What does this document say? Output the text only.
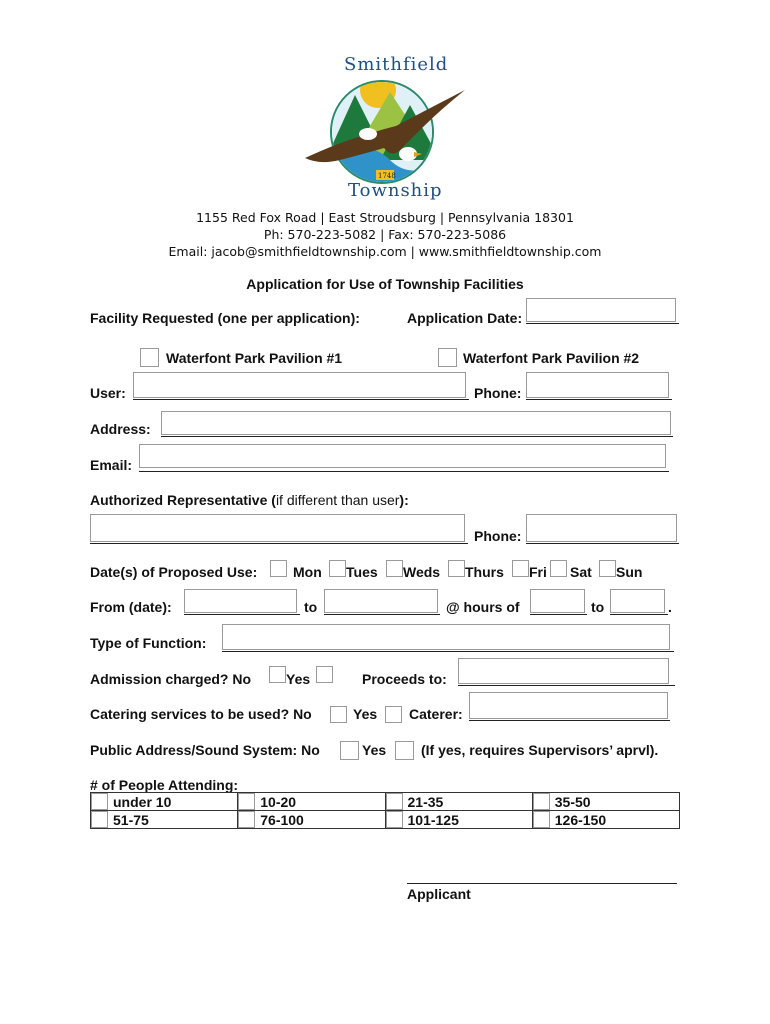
Smithfield
Township
1748
1155 Red Fox Road | East Stroudsburg | Pennsylvania 18301
Ph: 570-223-5082 | Fax: 570-223-5086
Email: jacob@smithfieldtownship.com | www.smithfieldtownship.com
Application for Use of Township Facilities
Facility Requested (one per application):	Application Date:
Waterfont Park Pavilion #1	Waterfont Park Pavilion #2
User:	Phone:
Address:
Email:
Authorized Representative (if different than user):
Phone:
Date(s) of Proposed Use:	Mon Tues Weds Thurs Fri Sat Sun
From (date):	to	@ hours of	to	.
Type of Function:
Admission charged? No Yes	Proceeds to:
Catering services to be used? No	Yes Caterer:
Public Address/Sound System: No	Yes (If yes, requires Supervisors’ aprvl).
# of People Attending:
under 10	10-20	21-35	35-50

51-75	76-100	101-125	126-150
Applicant
